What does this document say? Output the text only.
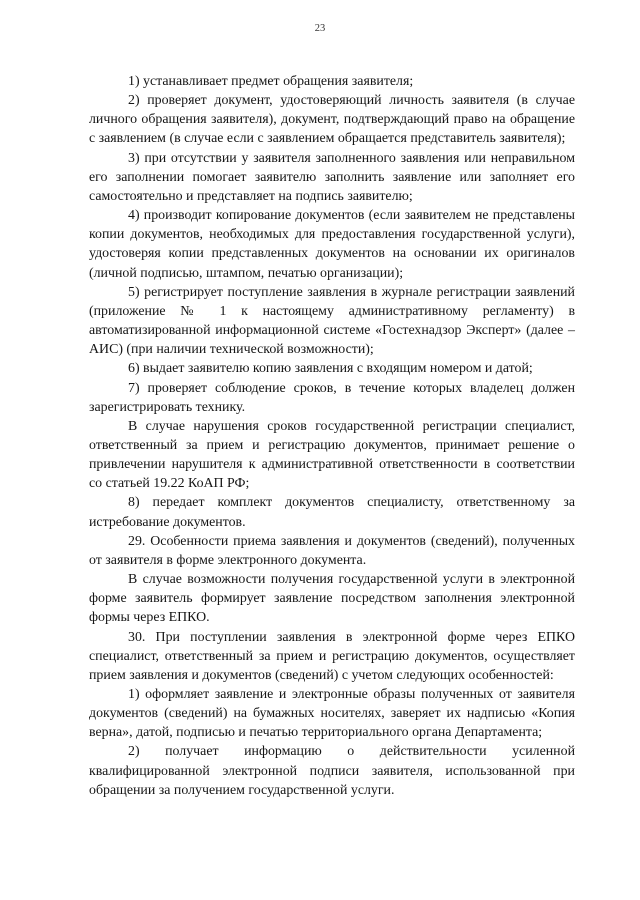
23

1) устанавливает предмет обращения заявителя;

2) проверяет документ, удостоверяющий личность заявителя (в случае личного обращения заявителя), документ, подтверждающий право на обращение с заявлением (в случае если с заявлением обращается представитель заявителя);

3) при отсутствии у заявителя заполненного заявления или неправильном его заполнении помогает заявителю заполнить заявление или заполняет его самостоятельно и представляет на подпись заявителю;

4) производит копирование документов (если заявителем не представлены копии документов, необходимых для предоставления государственной услуги), удостоверяя копии представленных документов на основании их оригиналов (личной подписью, штампом, печатью организации);

5) регистрирует поступление заявления в журнале регистрации заявлений (приложение № 1 к настоящему административному регламенту) в автоматизированной информационной системе «Гостехнадзор Эксперт» (далее – АИС) (при наличии технической возможности);

6) выдает заявителю копию заявления с входящим номером и датой;

7) проверяет соблюдение сроков, в течение которых владелец должен зарегистрировать технику.

В случае нарушения сроков государственной регистрации специалист, ответственный за прием и регистрацию документов, принимает решение о привлечении нарушителя к административной ответственности в соответствии со статьей 19.22 КоАП РФ;

8) передает комплект документов специалисту, ответственному за истребование документов.

29. Особенности приема заявления и документов (сведений), полученных от заявителя в форме электронного документа.

В случае возможности получения государственной услуги в электронной форме заявитель формирует заявление посредством заполнения электронной формы через ЕПКО.

30. При поступлении заявления в электронной форме через ЕПКО специалист, ответственный за прием и регистрацию документов, осуществляет прием заявления и документов (сведений) с учетом следующих особенностей:

1) оформляет заявление и электронные образы полученных от заявителя документов (сведений) на бумажных носителях, заверяет их надписью «Копия верна», датой, подписью и печатью территориального органа Департамента;

2) получает информацию о действительности усиленной квалифицированной электронной подписи заявителя, использованной при обращении за получением государственной услуги.
